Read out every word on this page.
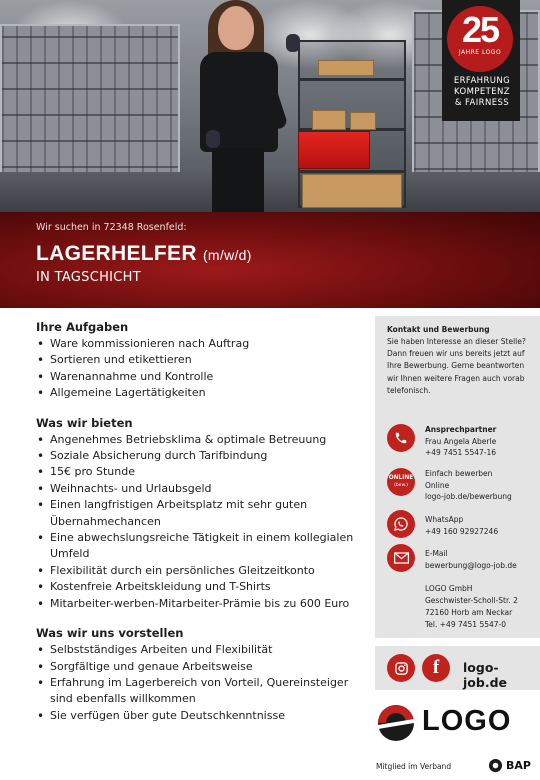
25
JAHRE LOGO
ERFAHRUNG
KOMPETENZ
& FAIRNESS
Wir suchen in 72348 Rosenfeld:
LAGERHELFER (m/w/d)
IN TAGSCHICHT
Ihre Aufgaben
• Ware kommissionieren nach Auftrag
• Sortieren und etikettieren
• Warenannahme und Kontrolle
• Allgemeine Lagertätigkeiten
Was wir bieten
• Angenehmes Betriebsklima & optimale Betreuung
• Soziale Absicherung durch Tarifbindung
• 15€ pro Stunde
• Weihnachts- und Urlaubsgeld
• Einen langfristigen Arbeitsplatz mit sehr guten Übernahmechancen
• Eine abwechslungsreiche Tätigkeit in einem kollegialen Umfeld
• Flexibilität durch ein persönliches Gleitzeitkonto
• Kostenfreie Arbeitskleidung und T-Shirts
• Mitarbeiter-werben-Mitarbeiter-Prämie bis zu 600 Euro
Was wir uns vorstellen
• Selbstständiges Arbeiten und Flexibilität
• Sorgfältige und genaue Arbeitsweise
• Erfahrung im Lagerbereich von Vorteil, Quereinsteiger sind ebenfalls willkommen
• Sie verfügen über gute Deutschkenntnisse
Kontakt und Bewerbung
Sie haben Interesse an dieser Stelle? Dann freuen wir uns bereits jetzt auf Ihre Bewerbung. Gerne beantworten wir Ihnen weitere Fragen auch vorab telefonisch.
Ansprechpartner
Frau Angela Aberle
+49 7451 5547-16
ONLINE
(bew.)
Einfach bewerben
Online
logo-job.de/bewerbung
WhatsApp
+49 160 92927246
E-Mail
bewerbung@logo-job.de
LOGO GmbH
Geschwister-Scholl-Str. 2
72160 Horb am Neckar
Tel. +49 7451 5547-0
f	logo-job.de
LOGO
Mitglied im Verband	BAP
